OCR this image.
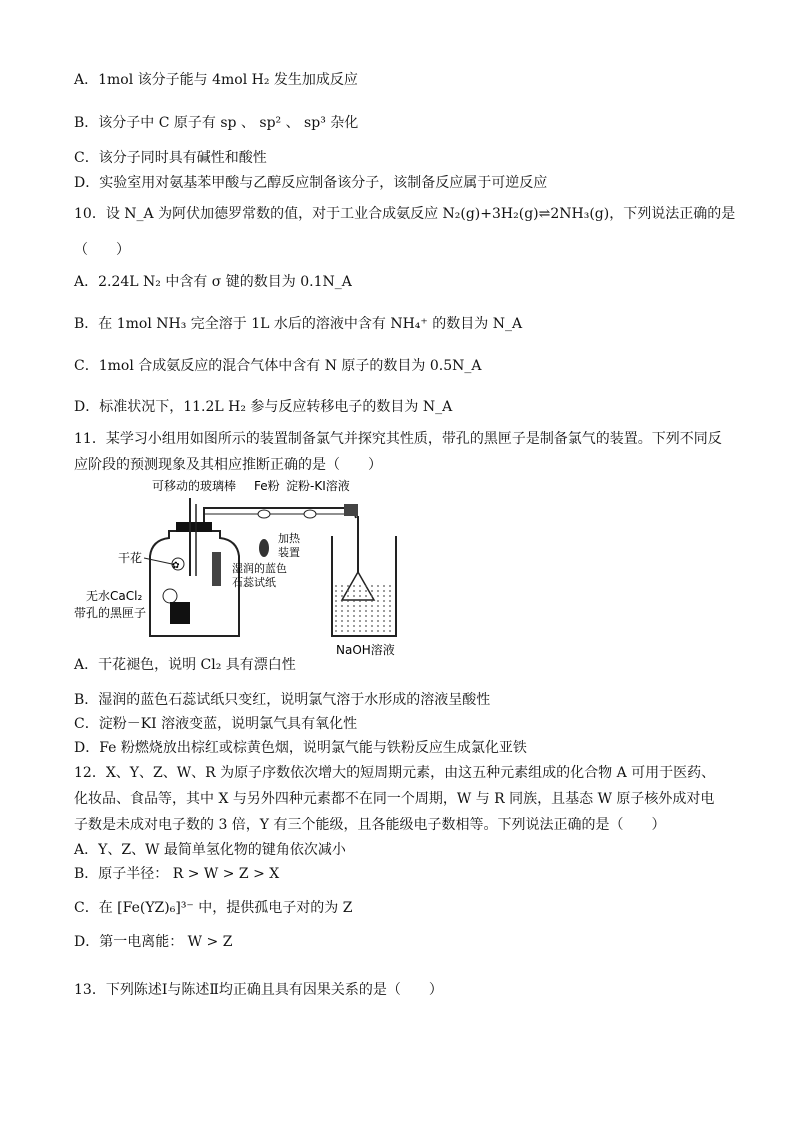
A．1mol 该分子能与 4mol H₂ 发生加成反应
B．该分子中 C 原子有 sp 、 sp² 、 sp³ 杂化
C．该分子同时具有碱性和酸性
D．实验室用对氨基苯甲酸与乙醇反应制备该分子，该制备反应属于可逆反应
10．设 N_A 为阿伏加德罗常数的值，对于工业合成氨反应 N₂(g)+3H₂(g)⇌2NH₃(g)，下列说法正确的是
（　　）
A．2.24L N₂ 中含有 σ 键的数目为 0.1N_A
B．在 1mol NH₃ 完全溶于 1L 水后的溶液中含有 NH₄⁺ 的数目为 N_A
C．1mol 合成氨反应的混合气体中含有 N 原子的数目为 0.5N_A
D．标准状况下，11.2L H₂ 参与反应转移电子的数目为 N_A
11．某学习小组用如图所示的装置制备氯气并探究其性质，带孔的黑匣子是制备氯气的装置。下列不同反应阶段的预测现象及其相应推断正确的是（　　）
可移动的玻璃棒 Fe粉 淀粉-KI溶液
加热
装置
✿
干花
湿润的蓝色
石蕊试纸
无水CaCl₂
带孔的黑匣子
NaOH溶液
A．干花褪色，说明 Cl₂ 具有漂白性
B．湿润的蓝色石蕊试纸只变红，说明氯气溶于水形成的溶液呈酸性
C．淀粉－KI 溶液变蓝，说明氯气具有氧化性
D．Fe 粉燃烧放出棕红或棕黄色烟，说明氯气能与铁粉反应生成氯化亚铁
12．X、Y、Z、W、R 为原子序数依次增大的短周期元素，由这五种元素组成的化合物 A 可用于医药、化妆品、食品等，其中 X 与另外四种元素都不在同一个周期，W 与 R 同族，且基态 W 原子核外成对电子数是未成对电子数的 3 倍，Y 有三个能级，且各能级电子数相等。下列说法正确的是（　　）
A．Y、Z、W 最简单氢化物的键角依次减小
B．原子半径： R > W > Z > X
C．在 [Fe(YZ)₆]³⁻ 中，提供孤电子对的为 Z
D．第一电离能： W > Z
13．下列陈述Ⅰ与陈述Ⅱ均正确且具有因果关系的是（　　）
